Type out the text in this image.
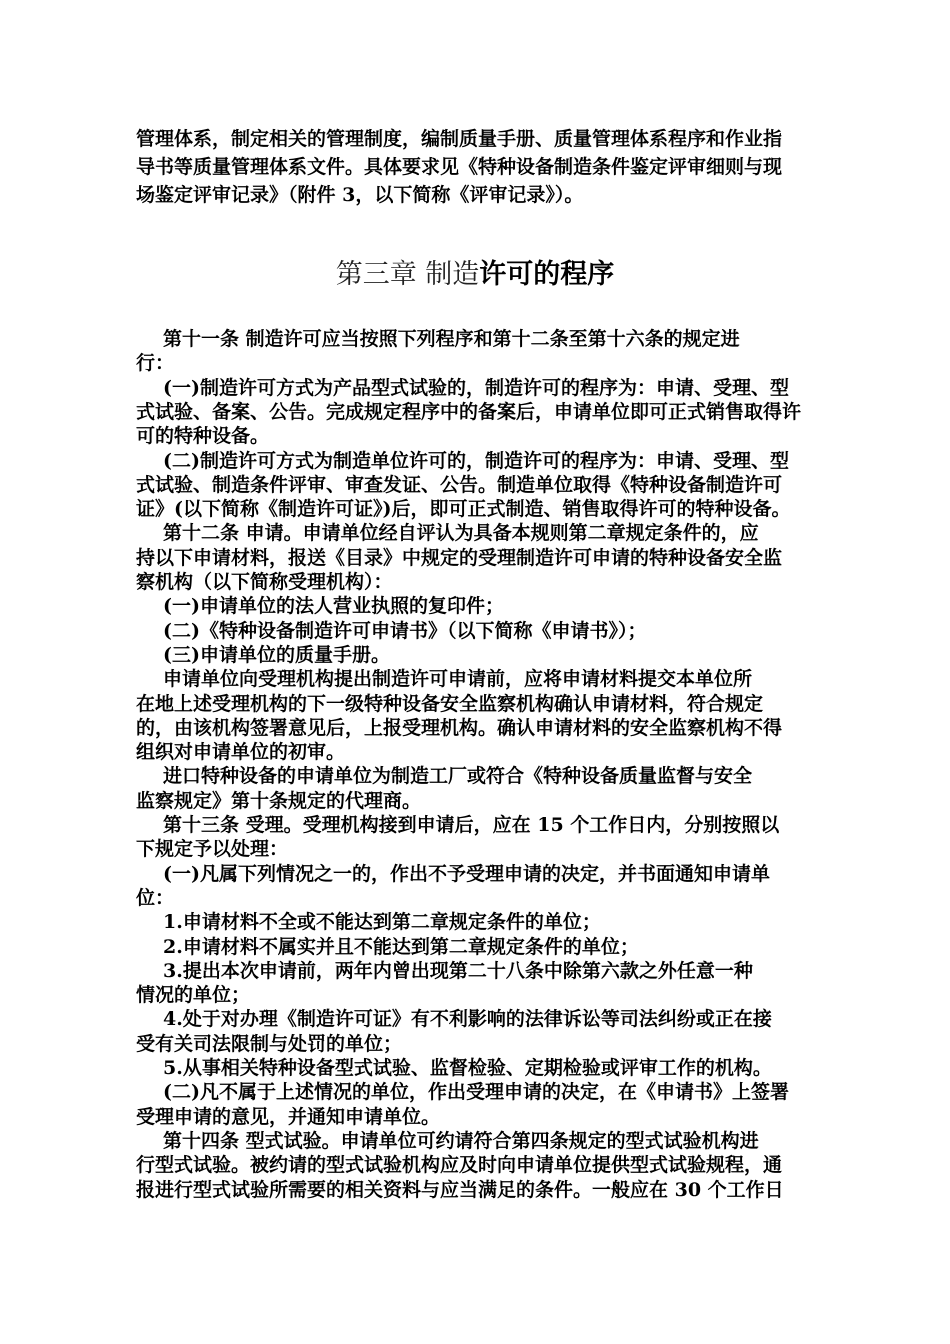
管理体系，制定相关的管理制度，编制质量手册、质量管理体系程序和作业指
导书等质量管理体系文件。具体要求见《特种设备制造条件鉴定评审细则与现
场鉴定评审记录》（附件 3，以下简称《评审记录》）。
第三章 制造许可的程序
第十一条 制造许可应当按照下列程序和第十二条至第十六条的规定进
行：
(一)制造许可方式为产品型式试验的，制造许可的程序为：申请、受理、型
式试验、备案、公告。完成规定程序中的备案后，申请单位即可正式销售取得许
可的特种设备。
(二)制造许可方式为制造单位许可的，制造许可的程序为：申请、受理、型
式试验、制造条件评审、审查发证、公告。制造单位取得《特种设备制造许可
证》(以下简称《制造许可证》)后，即可正式制造、销售取得许可的特种设备。
第十二条 申请。申请单位经自评认为具备本规则第二章规定条件的，应
持以下申请材料，报送《目录》中规定的受理制造许可申请的特种设备安全监
察机构（以下简称受理机构）：
(一)申请单位的法人营业执照的复印件；
(二)《特种设备制造许可申请书》（以下简称《申请书》）；
(三)申请单位的质量手册。
申请单位向受理机构提出制造许可申请前，应将申请材料提交本单位所
在地上述受理机构的下一级特种设备安全监察机构确认申请材料，符合规定
的，由该机构签署意见后，上报受理机构。确认申请材料的安全监察机构不得
组织对申请单位的初审。
进口特种设备的申请单位为制造工厂或符合《特种设备质量监督与安全
监察规定》第十条规定的代理商。
第十三条 受理。受理机构接到申请后，应在 15 个工作日内，分别按照以
下规定予以处理：
(一)凡属下列情况之一的，作出不予受理申请的决定，并书面通知申请单
位：
1.申请材料不全或不能达到第二章规定条件的单位；
2.申请材料不属实并且不能达到第二章规定条件的单位；
3.提出本次申请前，两年内曾出现第二十八条中除第六款之外任意一种
情况的单位；
4.处于对办理《制造许可证》有不利影响的法律诉讼等司法纠纷或正在接
受有关司法限制与处罚的单位；
5.从事相关特种设备型式试验、监督检验、定期检验或评审工作的机构。
(二)凡不属于上述情况的单位，作出受理申请的决定，在《申请书》上签署
受理申请的意见，并通知申请单位。
第十四条 型式试验。申请单位可约请符合第四条规定的型式试验机构进
行型式试验。被约请的型式试验机构应及时向申请单位提供型式试验规程，通
报进行型式试验所需要的相关资料与应当满足的条件。一般应在 30 个工作日
